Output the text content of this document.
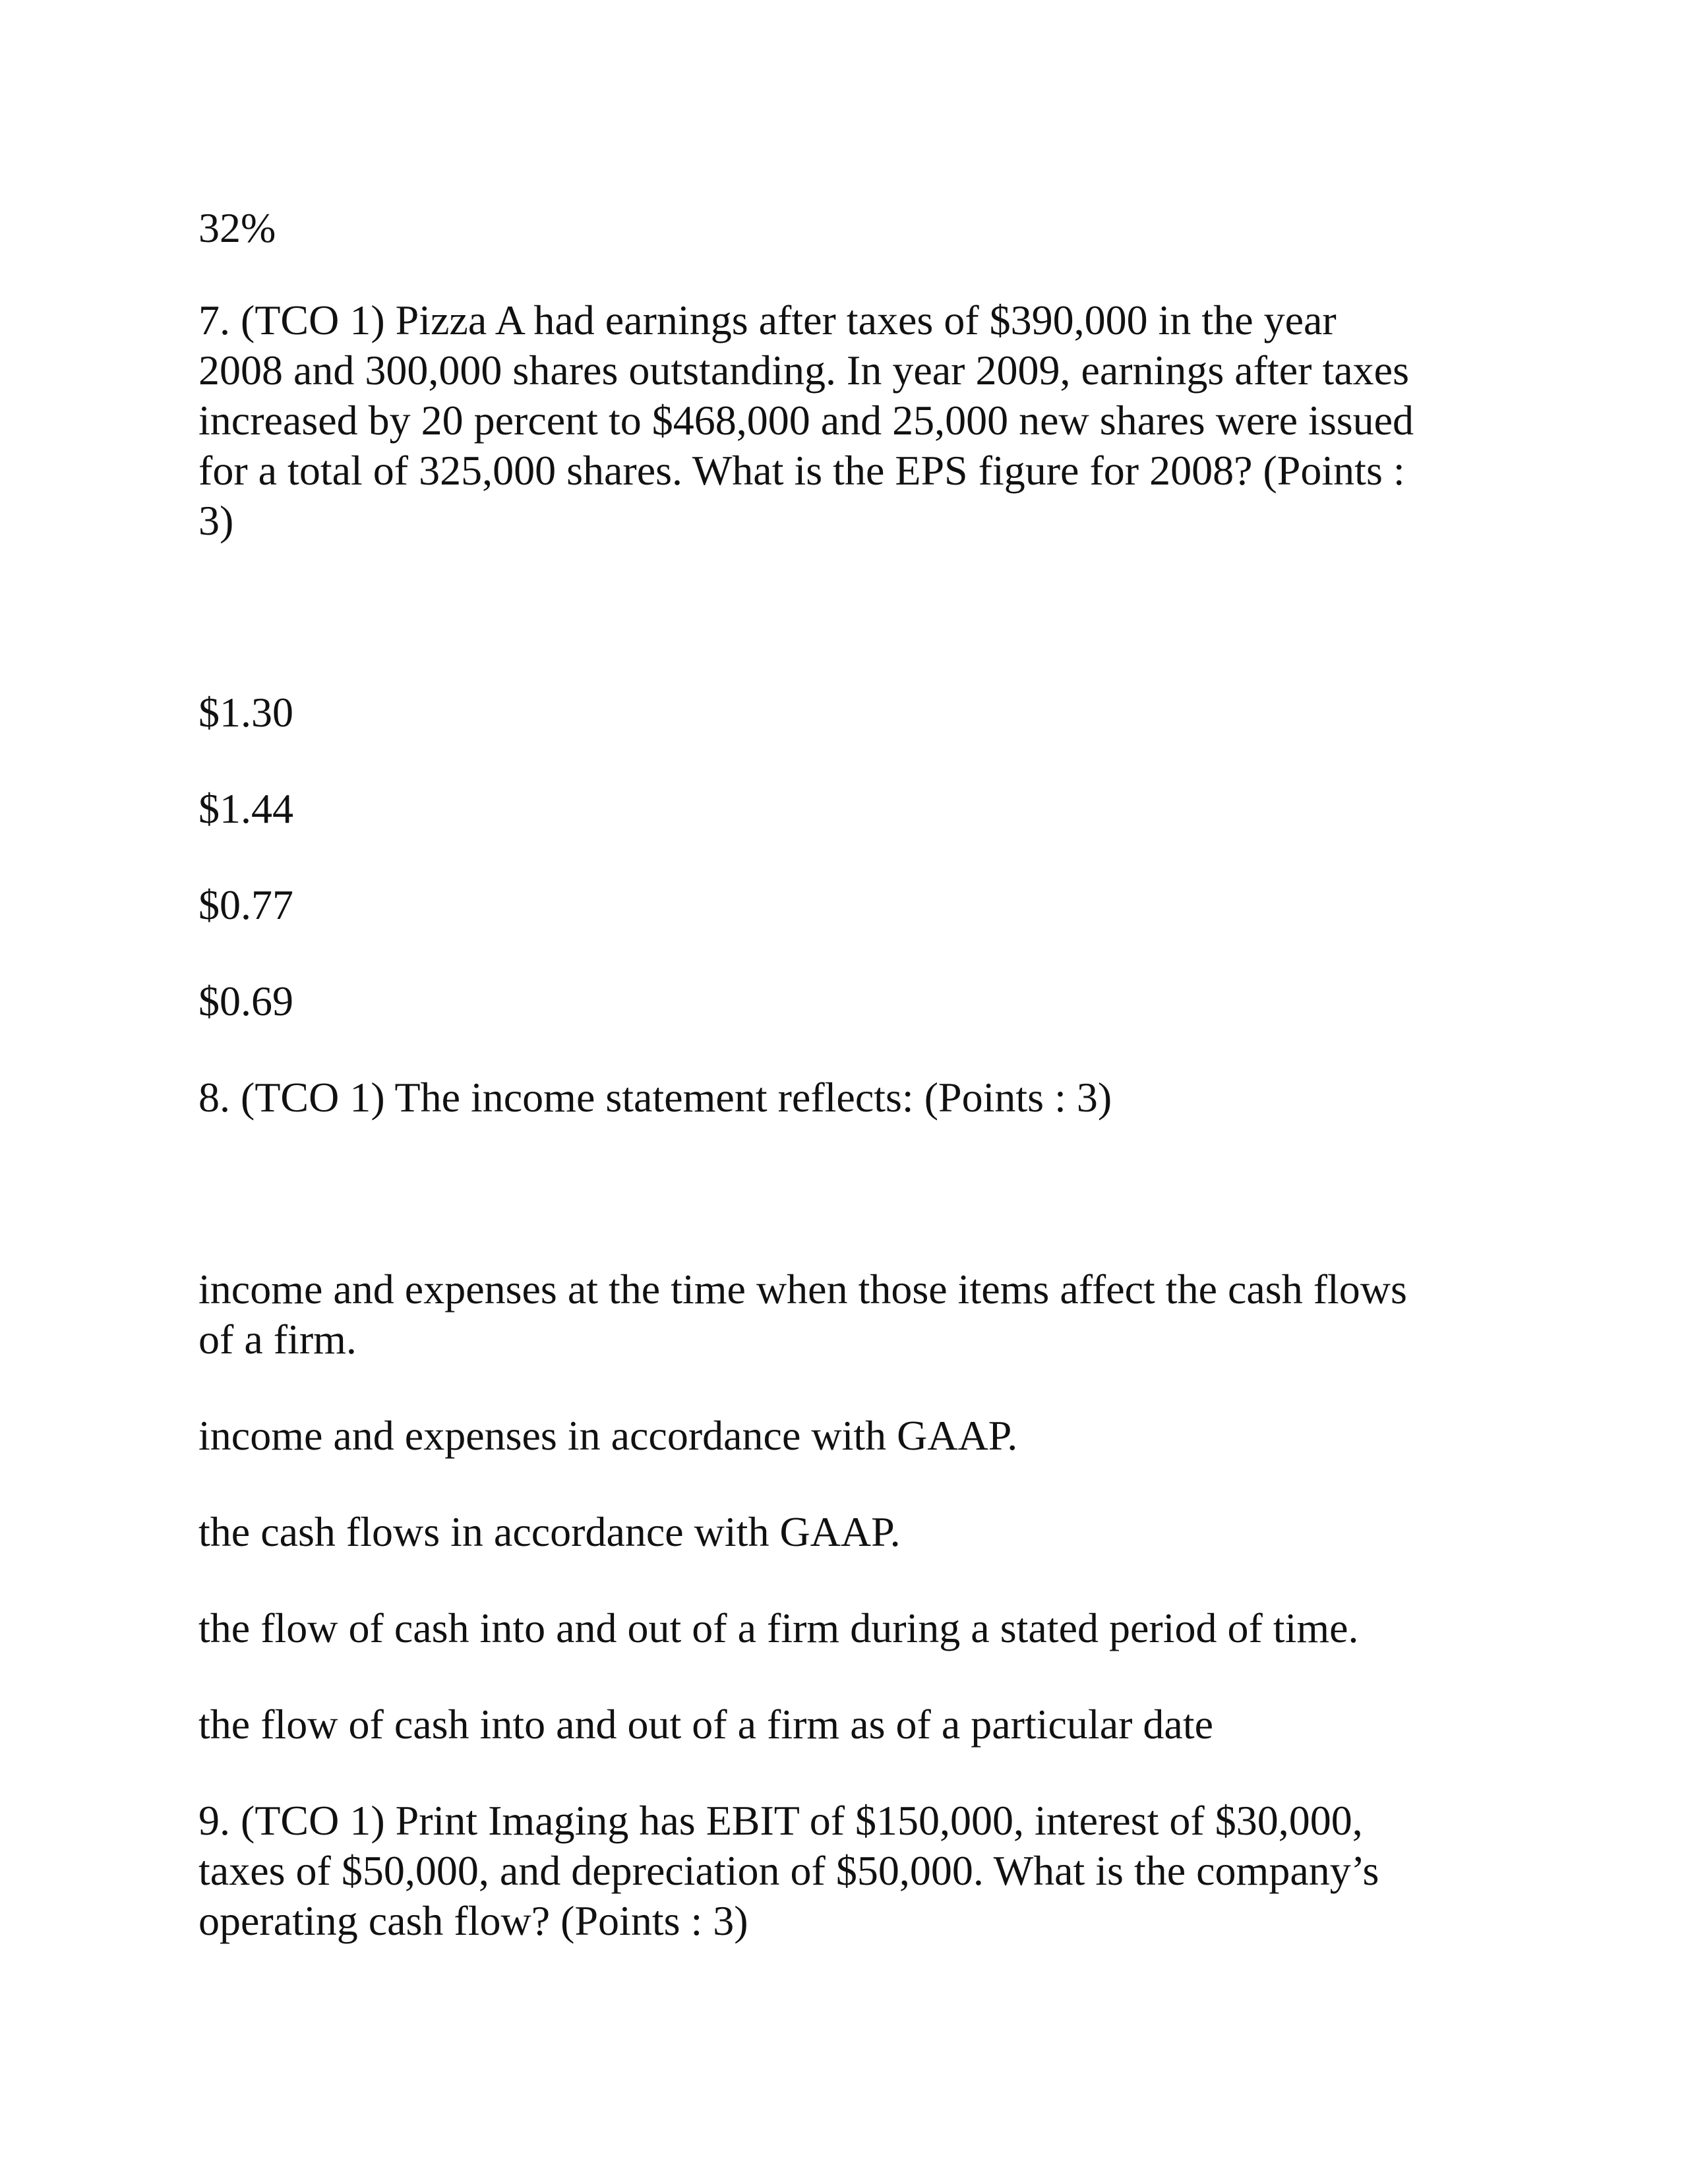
32%

7. (TCO 1) Pizza A had earnings after taxes of $390,000 in the year

2008 and 300,000 shares outstanding. In year 2009, earnings after taxes

increased by 20 percent to $468,000 and 25,000 new shares were issued

for a total of 325,000 shares. What is the EPS figure for 2008? (Points :

3)

$1.30

$1.44

$0.77

$0.69

8. (TCO 1) The income statement reflects: (Points : 3)

income and expenses at the time when those items affect the cash flows

of a firm.

income and expenses in accordance with GAAP.

the cash flows in accordance with GAAP.

the flow of cash into and out of a firm during a stated period of time.

the flow of cash into and out of a firm as of a particular date

9. (TCO 1) Print Imaging has EBIT of $150,000, interest of $30,000,

taxes of $50,000, and depreciation of $50,000. What is the company’s

operating cash flow? (Points : 3)
